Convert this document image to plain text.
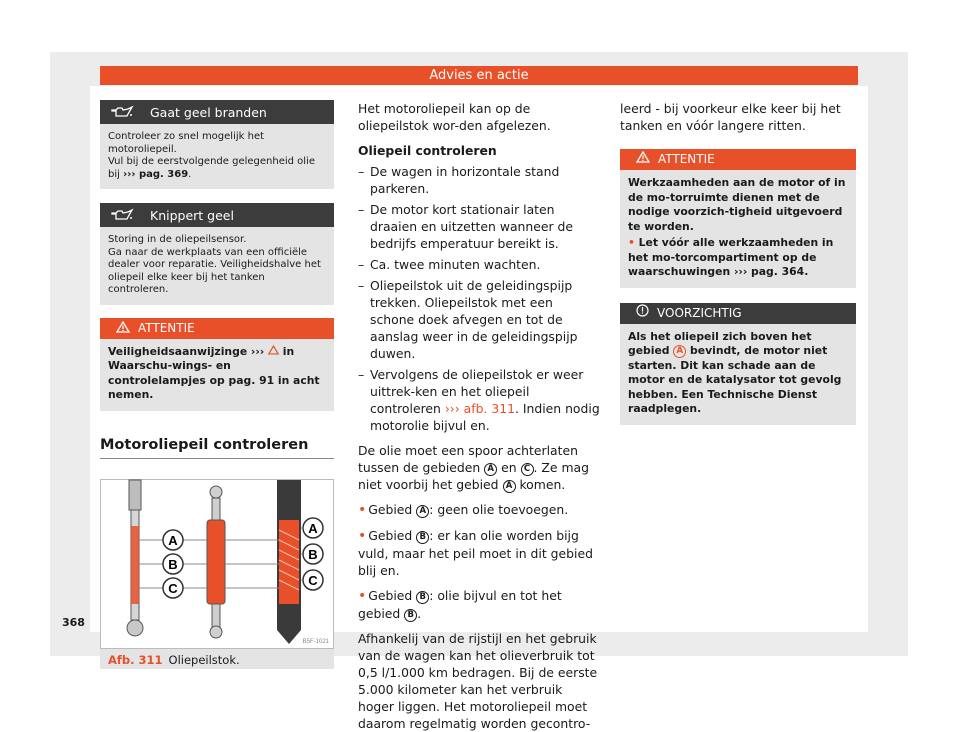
Advies en actie
Gaat geel branden
Controleer zo snel mogelijk het motoroliepeil.
Vul bij de eerstvolgende gelegenheid olie bij ››› pag. 369.
Knippert geel
Storing in de oliepeilsensor.
Ga naar de werkplaats van een officiële dealer voor reparatie. Veiligheidshalve het oliepeil elke keer bij het tanken controleren.
ATTENTIE
Veiligheidsaanwijzinge ›››  in Waarschu-wings- en controlelampjes op pag. 91 in acht nemen.
Motoroliepeil controleren
A
B
C
A
B
C
B5F-1021
Afb. 311 Oliepeilstok.

Het motoroliepeil kan op de oliepeilstok wor-den afgelezen.

Oliepeil controleren

– De wagen in horizontale stand parkeren.
– De motor kort stationair laten draaien en uitzetten wanneer de bedrijfs emperatuur bereikt is.
– Ca. twee minuten wachten.
– Oliepeilstok uit de geleidingspijp trekken. Oliepeilstok met een schone doek afvegen en tot de aanslag weer in de geleidingspijp duwen.
– Vervolgens de oliepeilstok er weer uittrek-ken en het oliepeil controleren ››› afb. 311. Indien nodig motorolie bijvul en.

De olie moet een spoor achterlaten tussen de gebieden A en C . Ze mag niet voorbij het gebied A komen.

• Gebied A : geen olie toevoegen.

• Gebied B : er kan olie worden bijg vuld, maar het peil moet in dit gebied blij en.

• Gebied B : olie bijvul en tot het gebied B .

Afhankelij van de rijstijl en het gebruik van de wagen kan het olieverbruik tot 0,5 l/1.000 km bedragen. Bij de eerste 5.000 kilometer kan het verbruik hoger liggen. Het motoroliepeil moet daarom regelmatig worden gecontro-

leerd - bij voorkeur elke keer bij het tanken en vóór langere ritten.

ATTENTIE
Werkzaamheden aan de motor of in de mo-torruimte dienen met de nodige voorzich-tigheid uitgevoerd te worden.
• Let vóór alle werkzaamheden in het mo-torcompartiment op de waarschuwingen ››› pag. 364.
VOORZICHTIG
Als het oliepeil zich boven het gebied A bevindt, de motor niet starten. Dit kan schade aan de motor en de katalysator tot gevolg hebben. Een Technische Dienst raadplegen.
368
